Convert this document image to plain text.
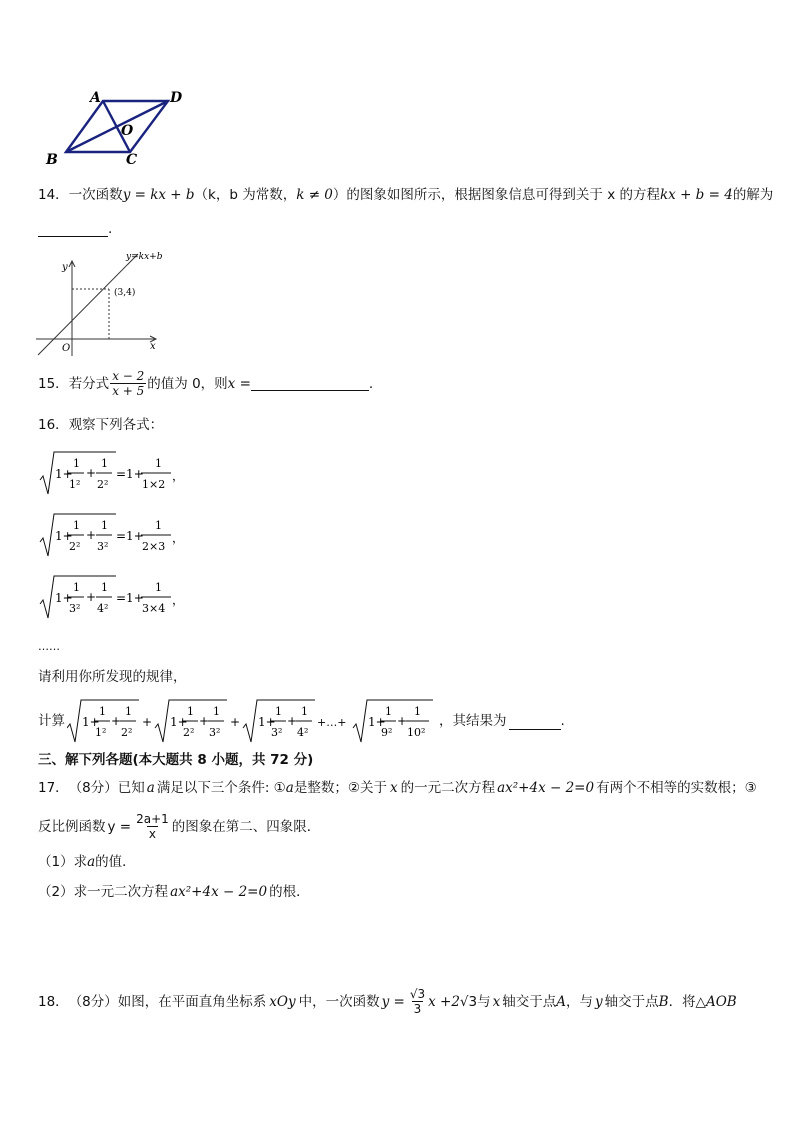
A	D
O
B	C
14． 一次函数 y = kx + b （k，b 为常数， k ≠ 0 ）的图象如图所示，根据图象信息可得到关于 x 的方程 kx + b = 4 的解为
.
y=kx+b
(3,4)
y
x
O
15． 若分式 $\frac{x - 2}{x + 5}$ 的值为 0，则 x =	.
16． 观察下列各式：
1+
1
1²
+
1
2²
=1+
1
1×2
，
1+
1
2²
+
1
3²
=1+
1
2×3
，
1+
1
3²
+
1
4²
=1+
1
3×4
，
……
请利用你所发现的规律，
计算 1+
1
1²
+
1
2²
+ 1+
1
2²
+
1
3²
+ 1+
1
3²
+
1
4²
+…+ 1+
1
9²
+
1
10²
，其结果为	.
三、解下列各题(本大题共 8 小题，共 72 分)
17． （8分）已知 a 满足以下三个条件: ① a 是整数；②关于 x 的一元二次方程 ax²+4x − 2=0 有两个不相等的实数根；③
反比例函数 $y = \frac{2a+1}{x}$ 的图象在第二、四象限．
（1）求 a 的值．
（2）求一元二次方程 ax²+4x − 2=0 的根．
18． （8分）如图，在平面直角坐标系 xOy 中，一次函数 $y = \frac{√3}{3}$ x +2 √3 与 x 轴交于点 A ，与 y 轴交于点 B ．将△ AOB
